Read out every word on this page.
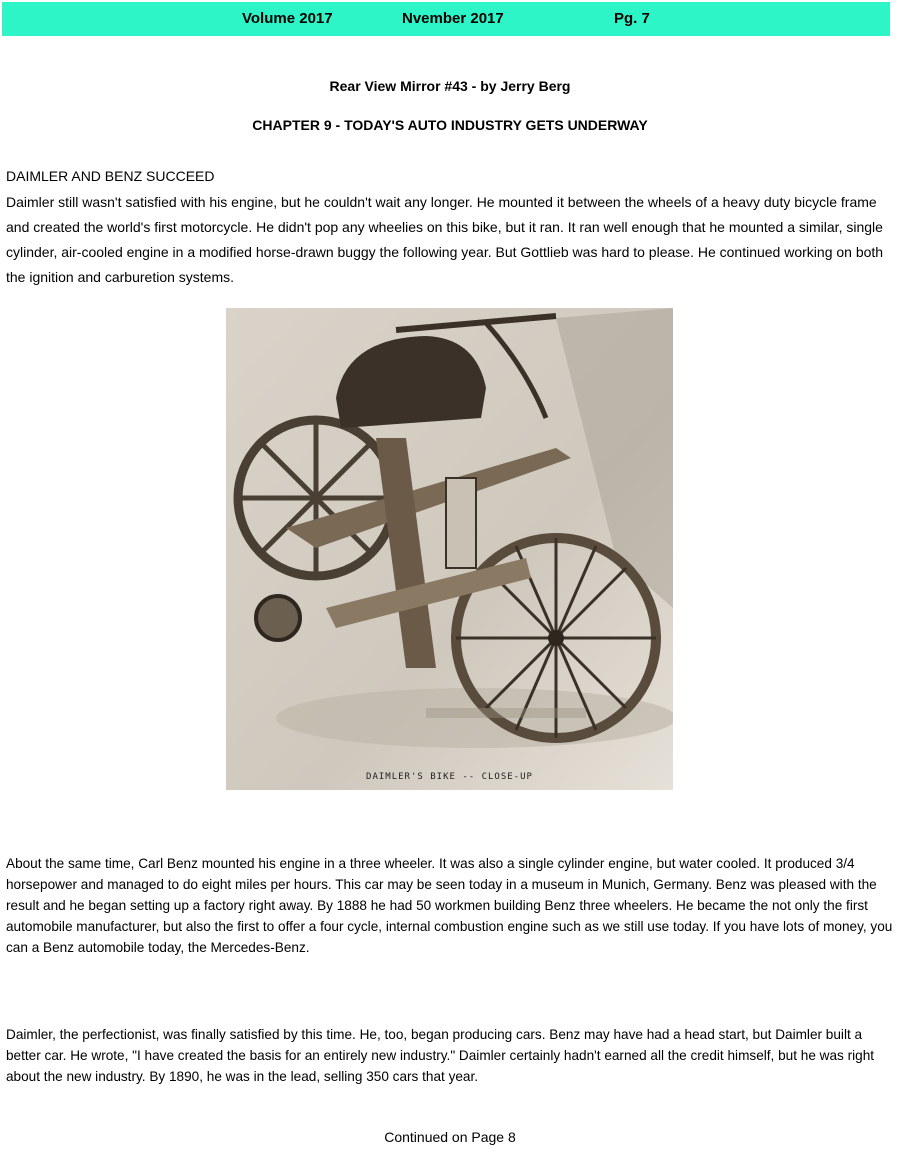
Volume 2017	Nvember 2017	Pg. 7
Rear View Mirror #43 - by Jerry Berg
CHAPTER 9 - TODAY'S AUTO INDUSTRY GETS UNDERWAY
DAIMLER AND BENZ SUCCEED
Daimler still wasn't satisfied with his engine, but he couldn't wait any longer. He mounted it between the wheels of a heavy duty bicycle frame and created the world's first motorcycle. He didn't pop any wheelies on this bike, but it ran. It ran well enough that he mounted a similar, single cylinder, air-cooled engine in a modified horse-drawn buggy the following year. But Gottlieb was hard to please. He continued working on both the ignition and carburetion systems.
DAIMLER'S BIKE -- CLOSE-UP
About the same time, Carl Benz mounted his engine in a three wheeler. It was also a single cylinder engine, but water cooled. It produced 3/4 horsepower and managed to do eight miles per hours. This car may be seen today in a museum in Munich, Germany. Benz was pleased with the result and he began setting up a factory right away. By 1888 he had 50 workmen building Benz three wheelers. He became the not only the first automobile manufacturer, but also the first to offer a four cycle, internal combustion engine such as we still use today. If you have lots of money, you can a Benz automobile today, the Mercedes-Benz.
Daimler, the perfectionist, was finally satisfied by this time. He, too, began producing cars. Benz may have had a head start, but Daimler built a better car. He wrote, "I have created the basis for an entirely new industry." Daimler certainly hadn't earned all the credit himself, but he was right about the new industry. By 1890, he was in the lead, selling 350 cars that year.
Continued on Page 8
